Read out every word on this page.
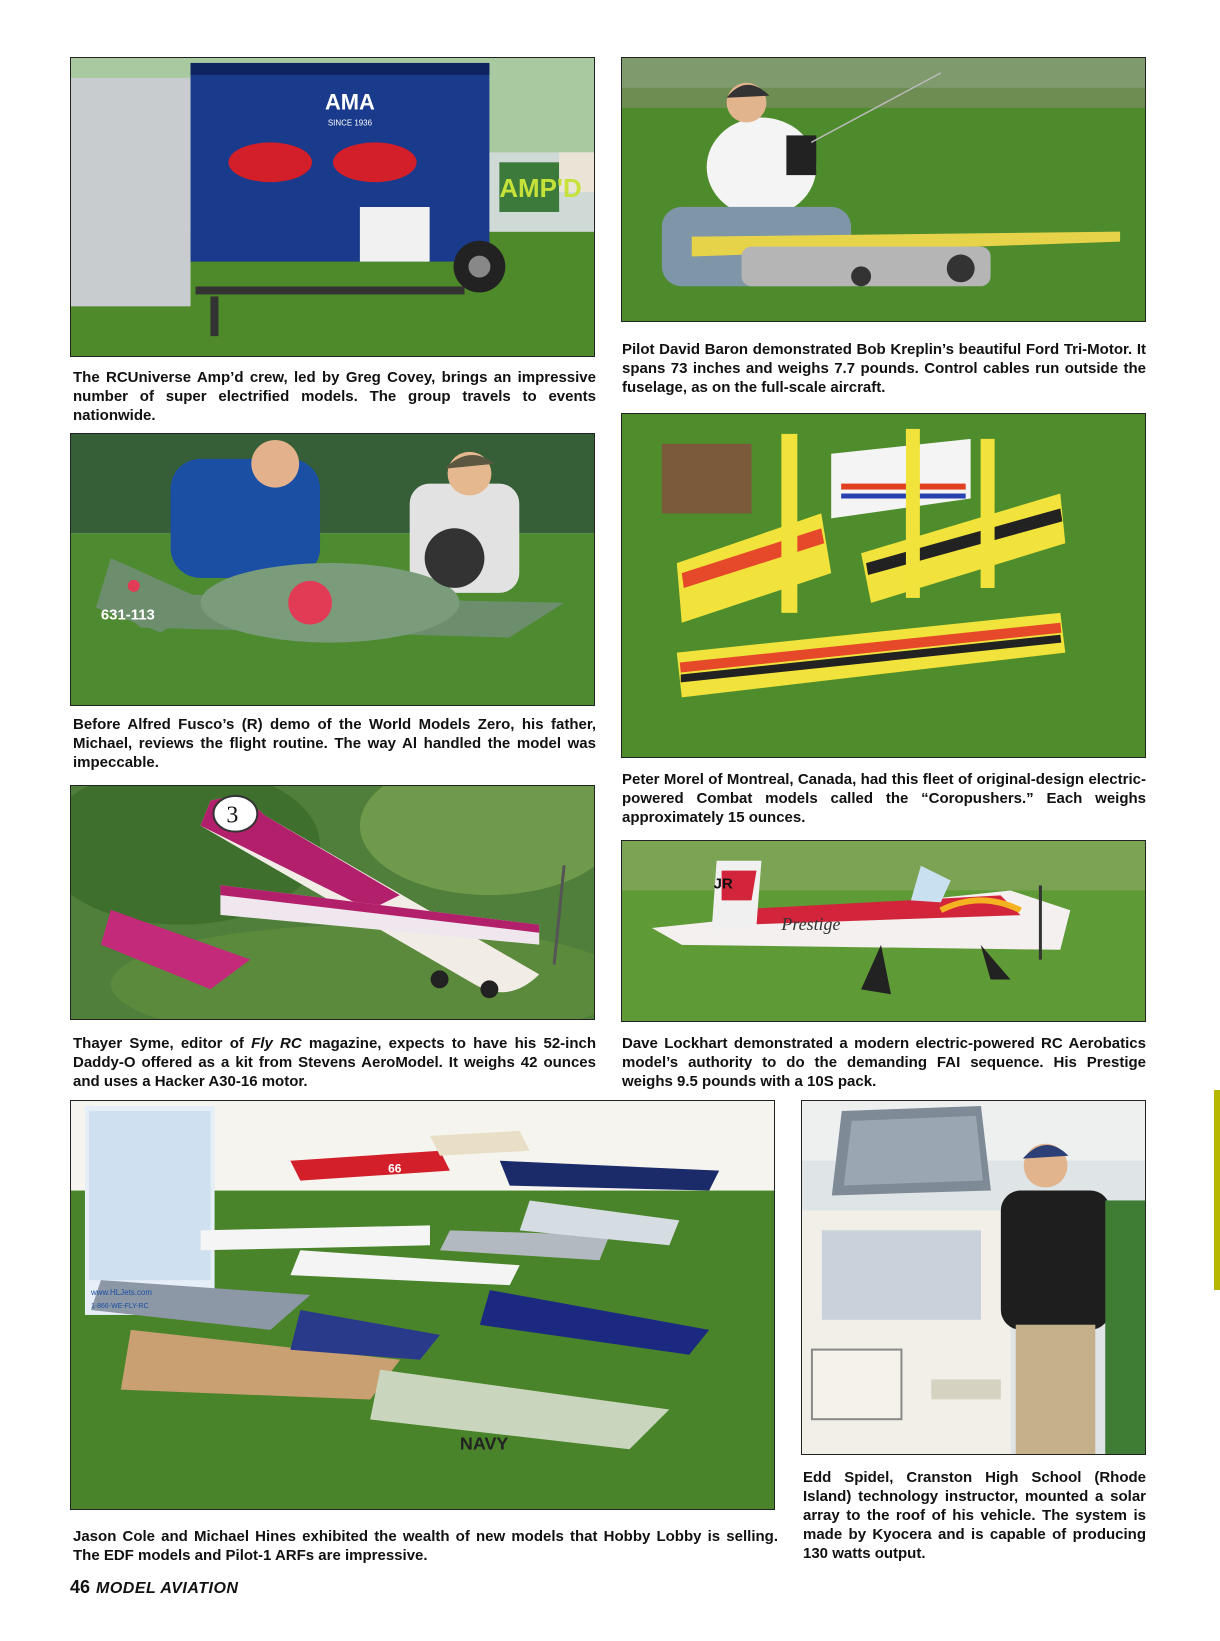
AMA
SINCE 1936
AMP'D

The RCUniverse Amp’d crew, led by Greg Covey, brings an impressive number of super electrified models. The group travels to events nationwide.

Pilot David Baron demonstrated Bob Kreplin’s beautiful Ford Tri-Motor. It spans 73 inches and weighs 7.7 pounds. Control cables run outside the fuselage, as on the full-scale aircraft.

631-113

Before Alfred Fusco’s (R) demo of the World Models Zero, his father, Michael, reviews the flight routine. The way Al handled the model was impeccable.

Peter Morel of Montreal, Canada, had this fleet of original-design electric-powered Combat models called the “Coropushers.” Each weighs approximately 15 ounces.

3

Thayer Syme, editor of Fly RC magazine, expects to have his 52-inch Daddy-O offered as a kit from Stevens AeroModel. It weighs 42 ounces and uses a Hacker A30-16 motor.

Prestige
JR

Dave Lockhart demonstrated a modern electric-powered RC Aerobatics model’s authority to do the demanding FAI sequence. His Prestige weighs 9.5 pounds with a 10S pack.

www.HLJets.com
1-866-WE-FLY-RC
66
NAVY

Jason Cole and Michael Hines exhibited the wealth of new models that Hobby Lobby is selling. The EDF models and Pilot-1 ARFs are impressive.

Edd Spidel, Cranston High School (Rhode Island) technology instructor, mounted a solar array to the roof of his vehicle. The system is made by Kyocera and is capable of producing 130 watts output.

46 MODEL AVIATION
